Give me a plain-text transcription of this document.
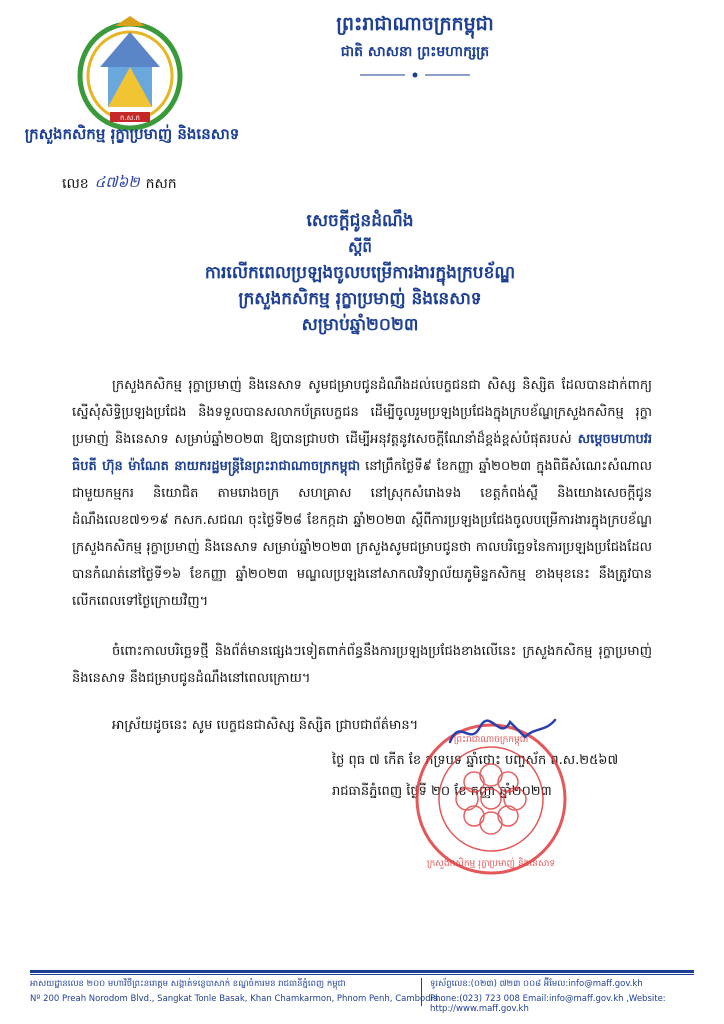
ក.ស.ក
ក្រសួងកសិកម្ម រុក្ខាប្រមាញ់ និងនេសាទ
ព្រះរាជាណាចក្រកម្ពុជា
ជាតិ សាសនា ព្រះមហាក្សត្រ
លេខ ៤៧៦២ កសក
សេចក្តីជូនដំណឹង
ស្តីពី
ការលើកពេលប្រឡងចូលបម្រើការងារក្នុងក្របខ័ណ្ឌ
ក្រសួងកសិកម្ម រុក្ខាប្រមាញ់ និងនេសាទ
សម្រាប់ឆ្នាំ២០២៣
ក្រសួងកសិកម្ម រុក្ខាប្រមាញ់ និងនេសាទ សូមជម្រាបជូនដំណឹងដល់បេក្ខជនជា សិស្ស និស្សិត ដែលបានដាក់ពាក្យស្នើសុំសិទ្ធិប្រឡងប្រជែង និងទទួលបានសលាកប័ត្របេក្ខជន ដើម្បីចូលរួមប្រឡងប្រជែងក្នុងក្របខ័ណ្ឌក្រសួងកសិកម្ម រុក្ខាប្រមាញ់ និងនេសាទ សម្រាប់ឆ្នាំ២០២៣ ឱ្យបានជ្រាបថា ដើម្បីអនុវត្តនូវសេចក្តីណែនាំដ៏ខ្ពង់ខ្ពស់បំផុតរបស់ សម្តេចមហាបវរធិបតី ហ៊ុន ម៉ាណែត នាយករដ្ឋមន្ត្រីនៃព្រះរាជាណាចក្រកម្ពុជា នៅព្រឹកថ្ងៃទី៩ ខែកញ្ញា ឆ្នាំ២០២៣ ក្នុងពិធីសំណេះសំណាលជាមួយកម្មករ និយោជិត តាមរោងចក្រ សហគ្រាស នៅស្រុកសំរោងទង ខេត្តកំពង់ស្ពឺ និងយោងសេចក្តីជូនដំណឹងលេខ៧១១៩ កសក.សជណ ចុះថ្ងៃទី២៨ ខែកក្កដា ឆ្នាំ២០២៣ ស្តីពីការប្រឡងប្រជែងចូលបម្រើការងារក្នុងក្របខ័ណ្ឌក្រសួងកសិកម្ម រុក្ខាប្រមាញ់ និងនេសាទ សម្រាប់ឆ្នាំ២០២៣ ក្រសួងសូមជម្រាបជូនថា កាលបរិច្ឆេទនៃការប្រឡងប្រជែងដែលបានកំណត់នៅថ្ងៃទី១៦ ខែកញ្ញា ឆ្នាំ២០២៣ មណ្ឌលប្រឡងនៅសាកលវិទ្យាល័យភូមិន្ទកសិកម្ម ខាងមុខនេះ នឹងត្រូវបានលើកពេលទៅថ្ងៃក្រោយវិញ។
ចំពោះកាលបរិច្ឆេទថ្មី និងព័ត៌មានផ្សេងៗទៀតពាក់ព័ន្ធនឹងការប្រឡងប្រជែងខាងលើនេះ ក្រសួងកសិកម្ម រុក្ខាប្រមាញ់ និងនេសាទ នឹងជម្រាបជូនដំណឹងនៅពេលក្រោយ។
អាស្រ័យដូចនេះ សូម បេក្ខជនជាសិស្ស និស្សិត ជ្រាបជាព័ត៌មាន។
ថ្ងៃ ពុធ ៧ កើត ខែ ភទ្របទ ឆ្នាំថោះ បញ្ចស័ក ព.ស.២៥៦៧
រាជធានីភ្នំពេញ ថ្ងៃទី ២០ ខែ កញ្ញា ឆ្នាំ២០២៣
ព្រះរាជាណាចក្រកម្ពុជា
ក្រសួងកសិកម្ម រុក្ខាប្រមាញ់ និងនេសាទ
អាសយដ្ឋានលេខ ២០០ មហាវិថីព្រះនរោត្តម សង្កាត់ទន្លេបាសាក់ ខណ្ឌចំការមន រាជធានីភ្នំពេញ កម្ពុជា
Nº 200 Preah Norodom Blvd., Sangkat Tonle Basak, Khan Chamkarmon, Phnom Penh, Cambodia
ទូរស័ព្ទលេខ:(០២៣) ៧២៣ ០០៨ អ៊ីមែល:info@maff.gov.kh
Phone:(023) 723 008 Email:info@maff.gov.kh ,Website: http://www.maff.gov.kh
